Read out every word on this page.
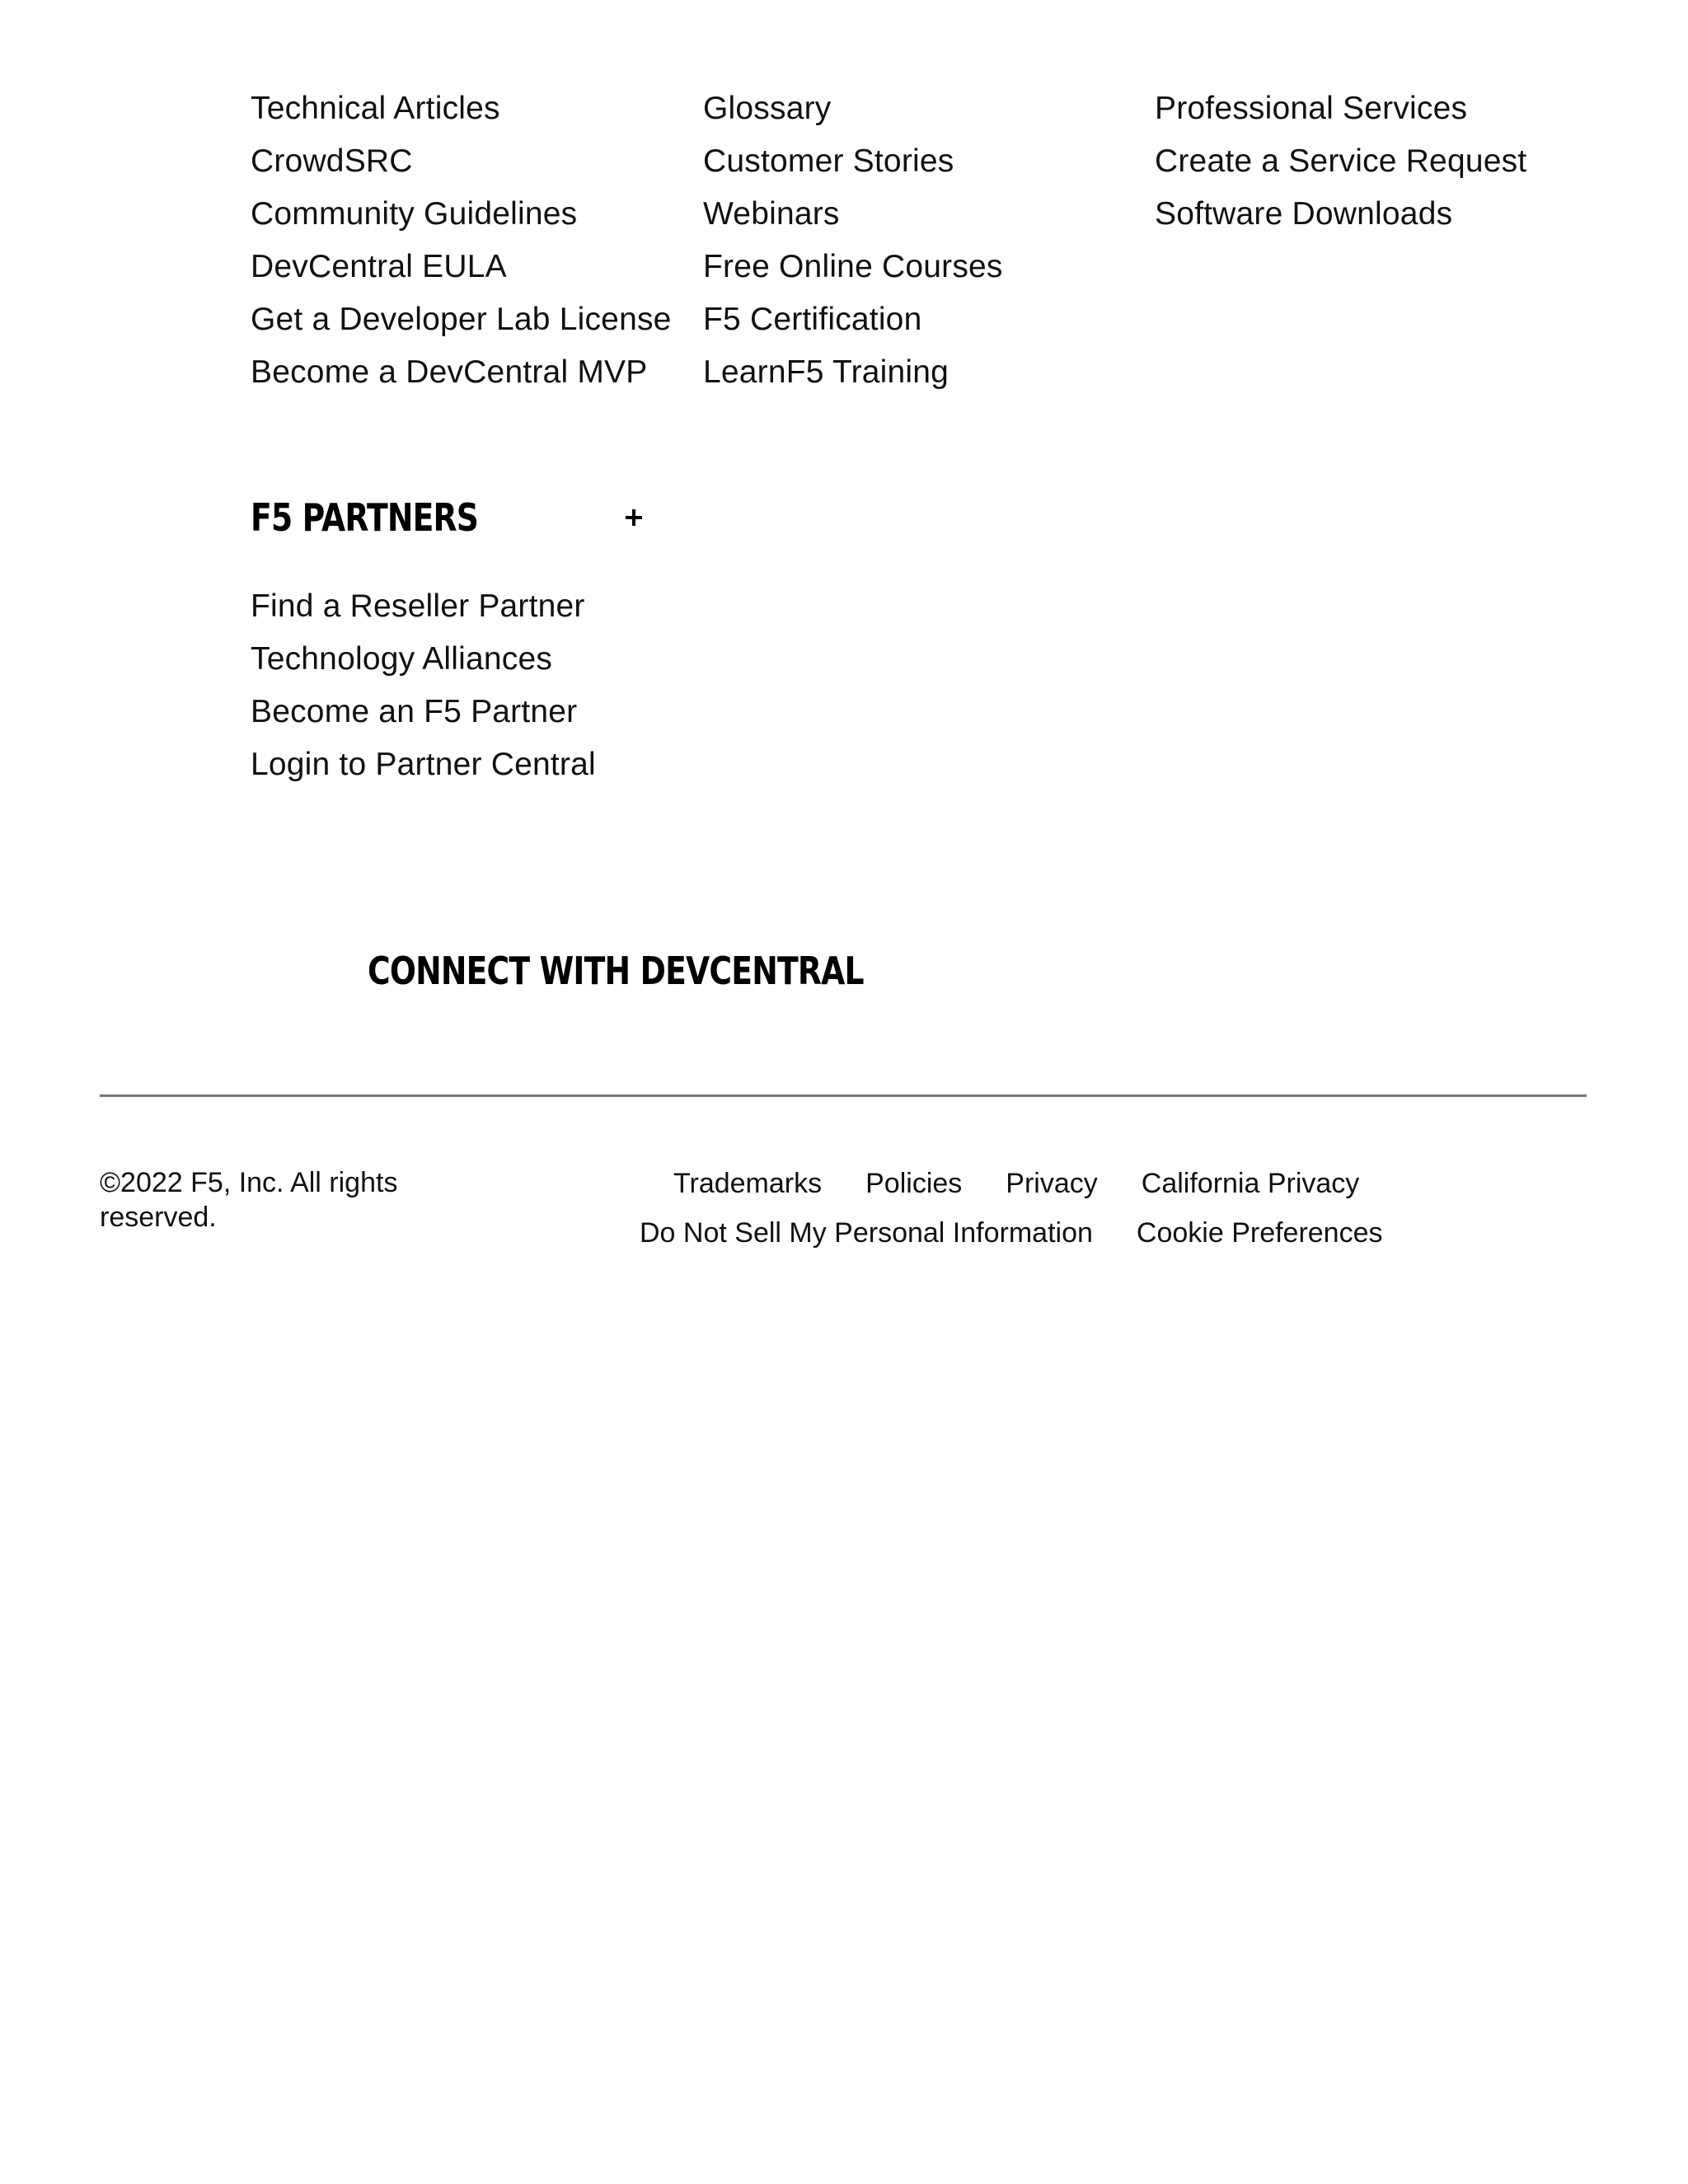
Technical Articles
CrowdSRC
Community Guidelines
DevCentral EULA
Get a Developer Lab License
Become a DevCentral MVP
Glossary
Customer Stories
Webinars
Free Online Courses
F5 Certification
LearnF5 Training
Professional Services
Create a Service Request
Software Downloads
F5 PARTNERS
Find a Reseller Partner
Technology Alliances
Become an F5 Partner
Login to Partner Central
CONNECT WITH DEVCENTRAL
©2022 F5, Inc. All rights reserved.
Trademarks Policies Privacy California Privacy
Do Not Sell My Personal Information Cookie Preferences
